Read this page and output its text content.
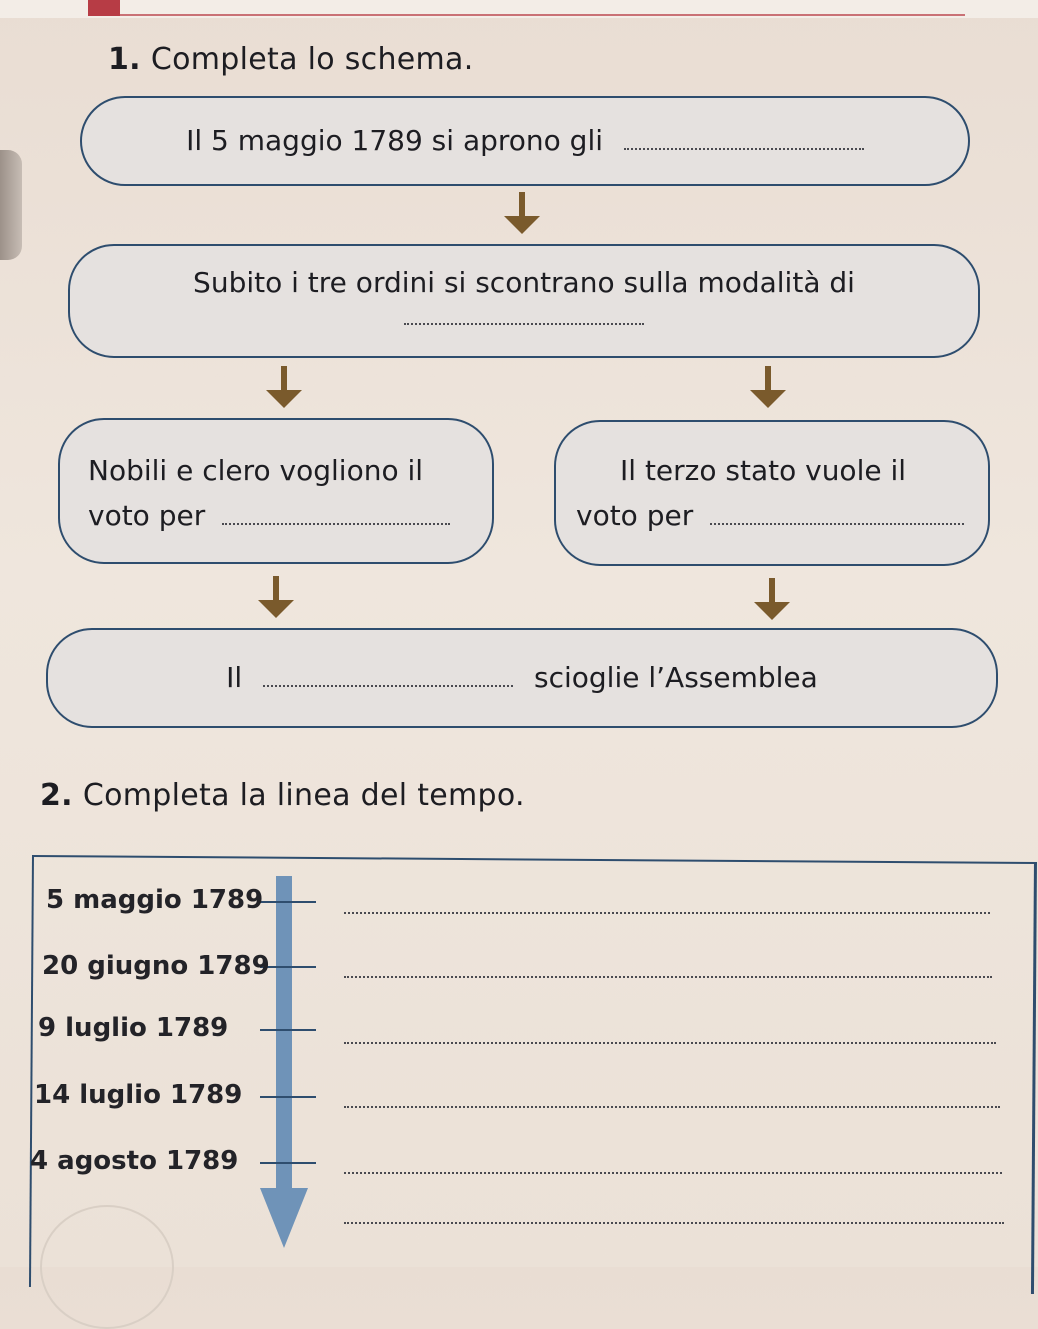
1. Completa lo schema.
Il 5 maggio 1789 si aprono gli
Subito i tre ordini si scontrano sulla modalità di
Nobili e clero vogliono il
voto per
Il terzo stato vuole il
voto per
Il	scioglie l’Assemblea
2. Completa la linea del tempo.
5 maggio 1789
20 giugno 1789
9 luglio 1789
14 luglio 1789
4 agosto 1789
